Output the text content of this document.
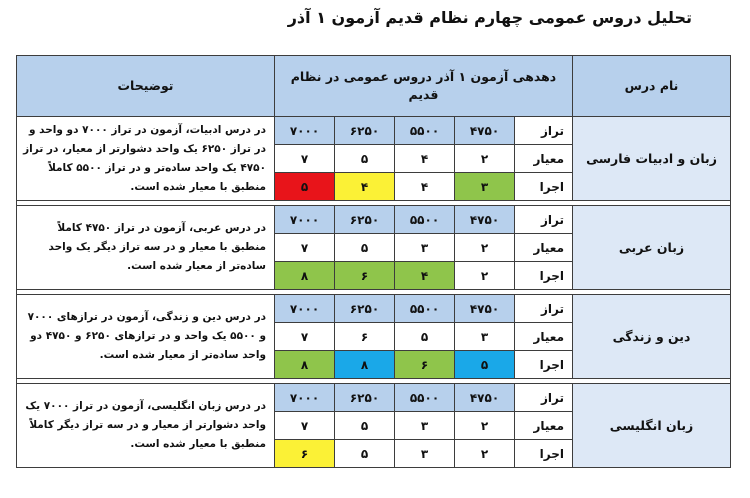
تحلیل دروس عمومی چهارم نظام قدیم آزمون ۱ آذر
نام درس	دهدهی آزمون ۱ آذر دروس عمومی در نظام قدیم					توضیحات
زبان و ادبیات فارسی	تراز	۴۷۵۰	۵۵۰۰	۶۲۵۰	۷۰۰۰	در درس ادبیات، آزمون در تراز ۷۰۰۰ دو واحد و در تراز ۶۲۵۰ یک واحد دشوارتر از معیار، در تراز ۴۷۵۰ یک واحد ساده‌تر و در تراز ۵۵۰۰ کاملاً منطبق با معیار شده است.
	معیار	۲	۴	۵	۷	
	اجرا	۳	۴	۴	۵	

زبان عربی	تراز	۴۷۵۰	۵۵۰۰	۶۲۵۰	۷۰۰۰	در درس عربی، آزمون در تراز ۴۷۵۰ کاملاً منطبق با معیار و در سه تراز دیگر یک واحد ساده‌تر از معیار شده است.
	معیار	۲	۳	۵	۷	
	اجرا	۲	۴	۶	۸	

دین و زندگی	تراز	۴۷۵۰	۵۵۰۰	۶۲۵۰	۷۰۰۰	در درس دین و زندگی، آزمون در ترازهای ۷۰۰۰ و ۵۵۰۰ یک واحد و در ترازهای ۶۲۵۰ و ۴۷۵۰ دو واحد ساده‌تر از معیار شده است.
	معیار	۳	۵	۶	۷	
	اجرا	۵	۶	۸	۸	

زبان انگلیسی	تراز	۴۷۵۰	۵۵۰۰	۶۲۵۰	۷۰۰۰	در درس زبان انگلیسی، آزمون در تراز ۷۰۰۰ یک واحد دشوارتر از معیار و در سه تراز دیگر کاملاً منطبق با معیار شده است.
	معیار	۲	۳	۵	۷	
	اجرا	۲	۳	۵	۶	
